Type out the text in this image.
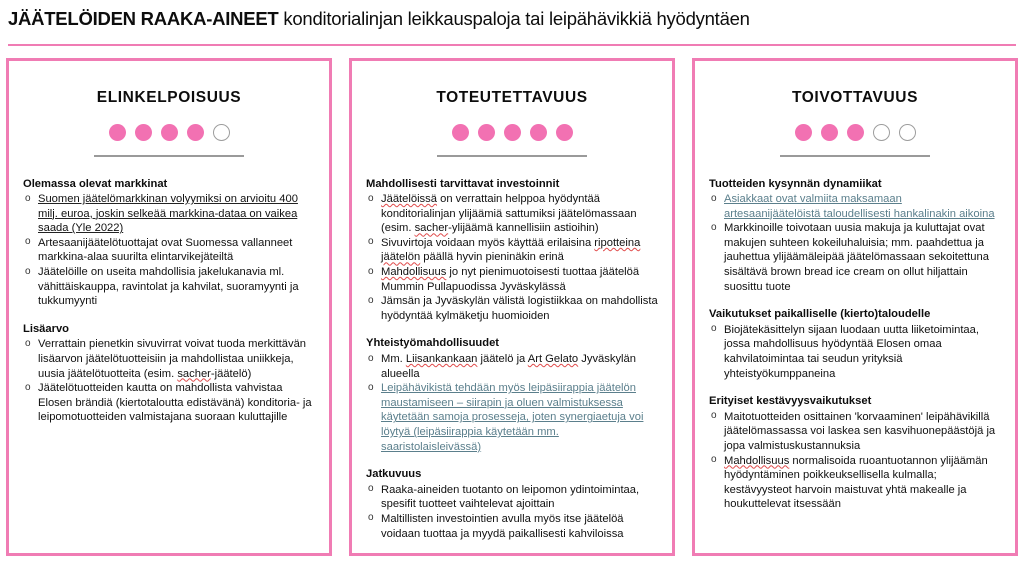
JÄÄTELÖIDEN RAAKA-AINEET konditorialinjan leikkauspaloja tai leipähävikkiä hyödyntäen
ELINKELPOISUUS
Olemassa olevat markkinat
o Suomen jäätelömarkkinan volyymiksi on arvioitu 400 milj. euroa, joskin selkeää markkina-dataa on vaikea saada (Yle 2022)
o Artesaanijäätelötuottajat ovat Suomessa vallanneet markkina-alaa suurilta elintarvikejäteiltä
o Jäätelöille on useita mahdollisia jakelukanavia ml. vähittäiskauppa, ravintolat ja kahvilat, suoramyynti ja tukkumyynti
Lisäarvo
o Verrattain pienetkin sivuvirrat voivat tuoda merkittävän lisäarvon jäätelötuotteisiin ja mahdollistaa uniikkeja, uusia jäätelötuotteita (esim. sacher-jäätelö)
o Jäätelötuotteiden kautta on mahdollista vahvistaa Elosen brändiä (kiertotaloutta edistävänä) konditoria- ja leipomotuotteiden valmistajana suoraan kuluttajille
TOTEUTETTAVUUS
Mahdollisesti tarvittavat investoinnit
o Jäätelöissä on verrattain helppoa hyödyntää konditorialinjan ylijäämiä sattumiksi jäätelömassaan (esim. sacher-ylijäämä kannellisiin astioihin)
o Sivuvirtoja voidaan myös käyttää erilaisina ripotteina jäätelön päällä hyvin pieninäkin erinä
o Mahdollisuus jo nyt pienimuotoisesti tuottaa jäätelöä Mummin Pullapuodissa Jyväskylässä
o Jämsän ja Jyväskylän välistä logistiikkaa on mahdollista hyödyntää kylmäketju huomioiden
Yhteistyömahdollisuudet
o Mm. Liisankankaan jäätelö ja Art Gelato Jyväskylän alueella
o Leipähävikistä tehdään myös leipäsiirappia jäätelön maustamiseen – siirapin ja oluen valmistuksessa käytetään samoja prosesseja, joten synergiaetuja voi löytyä (leipäsiirappia käytetään mm. saaristolaisleivässä)
Jatkuvuus
o Raaka-aineiden tuotanto on leipomon ydintoimintaa, spesifit tuotteet vaihtelevat ajoittain
o Maltillisten investointien avulla myös itse jäätelöä voidaan tuottaa ja myydä paikallisesti kahviloissa
TOIVOTTAVUUS
Tuotteiden kysynnän dynamiikat
o Asiakkaat ovat valmiita maksamaan artesaanijäätelöistä taloudellisesti hankalinakin aikoina
o Markkinoille toivotaan uusia makuja ja kuluttajat ovat makujen suhteen kokeiluhaluisia; mm. paahdettua ja jauhettua ylijäämäleipää jäätelömassaan sekoitettuna sisältävä brown bread ice cream on ollut hiljattain suosittu tuote
Vaikutukset paikalliselle (kierto)taloudelle
o Biojätekäsittelyn sijaan luodaan uutta liiketoimintaa, jossa mahdollisuus hyödyntää Elosen omaa kahvilatoimintaa tai seudun yrityksiä yhteistyökumppaneina
Erityiset kestävyysvaikutukset
o Maitotuotteiden osittainen 'korvaaminen' leipähävikillä jäätelömassassa voi laskea sen kasvihuonepäästöjä ja jopa valmistuskustannuksia
o Mahdollisuus normalisoida ruoantuotannon ylijäämän hyödyntäminen poikkeuksellisella kulmalla; kestävyysteot harvoin maistuvat yhtä makealle ja houkuttelevat itsessään
